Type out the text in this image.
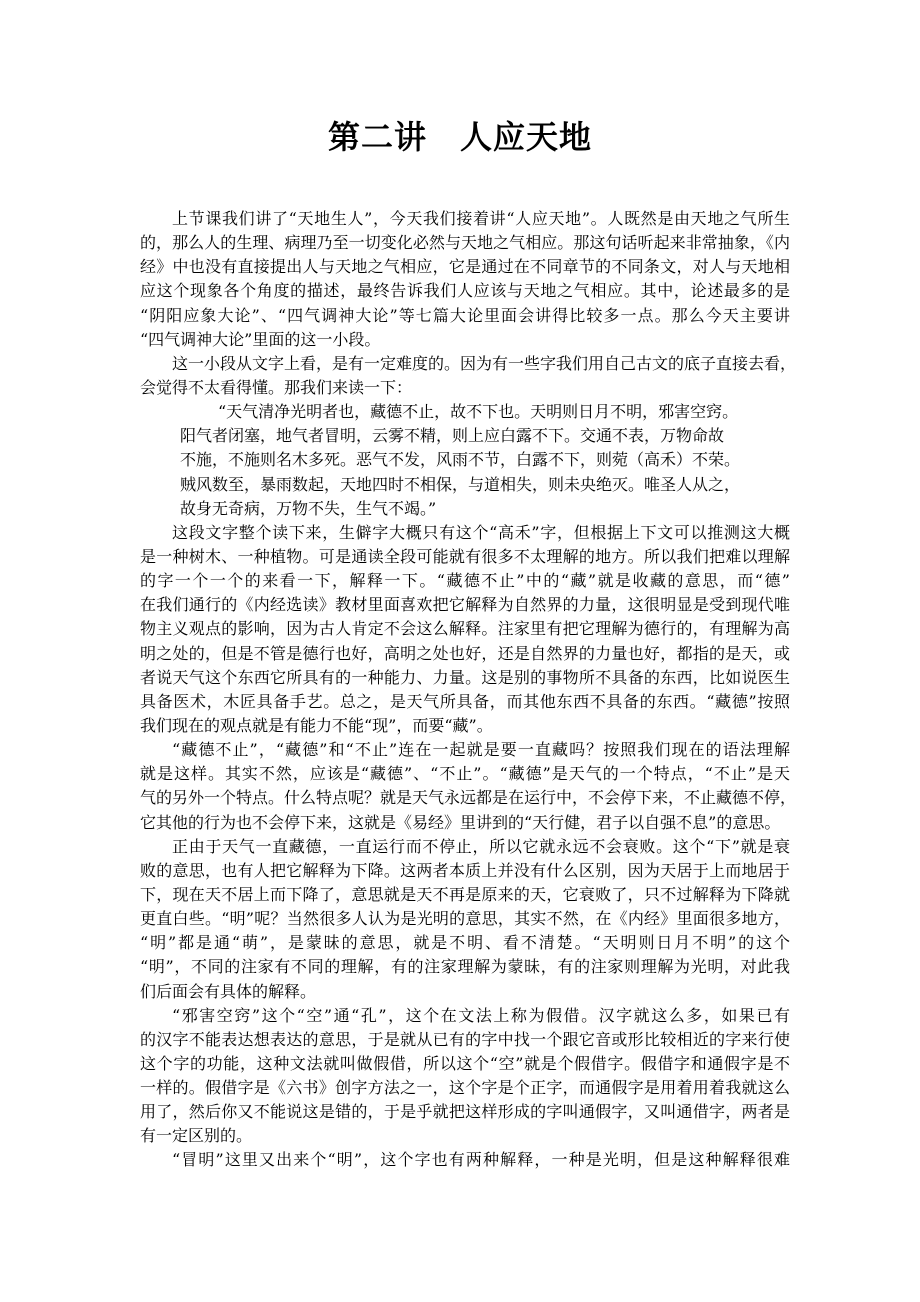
第二讲　人应天地
上节课我们讲了“天地生人”，今天我们接着讲“人应天地”。人既然是由天地之气所生
的，那么人的生理、病理乃至一切变化必然与天地之气相应。那这句话听起来非常抽象，《内
经》中也没有直接提出人与天地之气相应，它是通过在不同章节的不同条文，对人与天地相
应这个现象各个角度的描述，最终告诉我们人应该与天地之气相应。其中，论述最多的是
“阴阳应象大论”、“四气调神大论”等七篇大论里面会讲得比较多一点。那么今天主要讲
“四气调神大论”里面的这一小段。
这一小段从文字上看，是有一定难度的。因为有一些字我们用自己古文的底子直接去看，
会觉得不太看得懂。那我们来读一下：
“天气清净光明者也，藏德不止，故不下也。天明则日月不明，邪害空窍。
阳气者闭塞，地气者冒明，云雾不精，则上应白露不下。交通不表，万物命故
不施，不施则名木多死。恶气不发，风雨不节，白露不下，则菀（高禾）不荣。
贼风数至，暴雨数起，天地四时不相保，与道相失，则未央绝灭。唯圣人从之，
故身无奇病，万物不失，生气不竭。”
这段文字整个读下来，生僻字大概只有这个“高禾”字，但根据上下文可以推测这大概
是一种树木、一种植物。可是通读全段可能就有很多不太理解的地方。所以我们把难以理解
的字一个一个的来看一下，解释一下。“藏德不止”中的“藏”就是收藏的意思，而“德”
在我们通行的《内经选读》教材里面喜欢把它解释为自然界的力量，这很明显是受到现代唯
物主义观点的影响，因为古人肯定不会这么解释。注家里有把它理解为德行的，有理解为高
明之处的，但是不管是德行也好，高明之处也好，还是自然界的力量也好，都指的是天，或
者说天气这个东西它所具有的一种能力、力量。这是别的事物所不具备的东西，比如说医生
具备医术，木匠具备手艺。总之，是天气所具备，而其他东西不具备的东西。“藏德”按照
我们现在的观点就是有能力不能“现”，而要“藏”。
“藏德不止”，“藏德”和“不止”连在一起就是要一直藏吗？按照我们现在的语法理解
就是这样。其实不然，应该是“藏德”、“不止”。“藏德”是天气的一个特点，“不止”是天
气的另外一个特点。什么特点呢？就是天气永远都是在运行中，不会停下来，不止藏德不停，
它其他的行为也不会停下来，这就是《易经》里讲到的“天行健，君子以自强不息”的意思。
正由于天气一直藏德，一直运行而不停止，所以它就永远不会衰败。这个“下”就是衰
败的意思，也有人把它解释为下降。这两者本质上并没有什么区别，因为天居于上而地居于
下，现在天不居上而下降了，意思就是天不再是原来的天，它衰败了，只不过解释为下降就
更直白些。“明”呢？当然很多人认为是光明的意思，其实不然，在《内经》里面很多地方，
“明”都是通“萌”，是蒙昧的意思，就是不明、看不清楚。“天明则日月不明”的这个
“明”，不同的注家有不同的理解，有的注家理解为蒙昧，有的注家则理解为光明，对此我
们后面会有具体的解释。
“邪害空窍”这个“空”通“孔”，这个在文法上称为假借。汉字就这么多，如果已有
的汉字不能表达想表达的意思，于是就从已有的字中找一个跟它音或形比较相近的字来行使
这个字的功能，这种文法就叫做假借，所以这个“空”就是个假借字。假借字和通假字是不
一样的。假借字是《六书》创字方法之一，这个字是个正字，而通假字是用着用着我就这么
用了，然后你又不能说这是错的，于是乎就把这样形成的字叫通假字，又叫通借字，两者是
有一定区别的。
“冒明”这里又出来个“明”，这个字也有两种解释，一种是光明，但是这种解释很难
